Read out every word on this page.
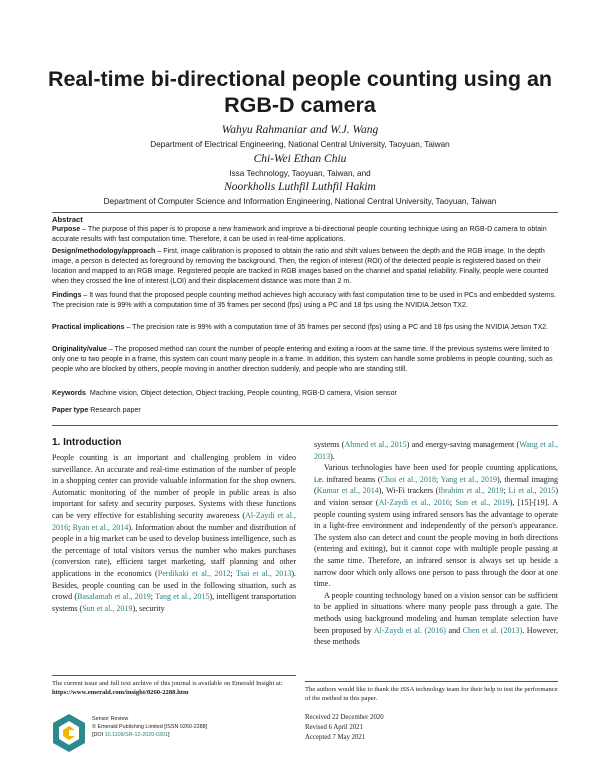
Real-time bi-directional people counting using an RGB-D camera
Wahyu Rahmaniar and W.J. Wang
Department of Electrical Engineering, National Central University, Taoyuan, Taiwan
Chi-Wei Ethan Chiu
Issa Technology, Taoyuan, Taiwan, and
Noorkholis Luthfil Luthfil Hakim
Department of Computer Science and Information Engineering, National Central University, Taoyuan, Taiwan
Abstract
Purpose – The purpose of this paper is to propose a new framework and improve a bi-directional people counting technique using an RGB-D camera to obtain accurate results with fast computation time. Therefore, it can be used in real-time applications.
Design/methodology/approach – First, image calibration is proposed to obtain the ratio and shift values between the depth and the RGB image. In the depth image, a person is detected as foreground by removing the background. Then, the region of interest (ROI) of the detected people is registered based on their location and mapped to an RGB image. Registered people are tracked in RGB images based on the channel and spatial reliability. Finally, people were counted when they crossed the line of interest (LOI) and their displacement distance was more than 2 m.
Findings – It was found that the proposed people counting method achieves high accuracy with fast computation time to be used in PCs and embedded systems. The precision rate is 99% with a computation time of 35 frames per second (fps) using a PC and 18 fps using the NVIDIA Jetson TX2.
Practical implications – The precision rate is 99% with a computation time of 35 frames per second (fps) using a PC and 18 fps using the NVIDIA Jetson TX2.
Originality/value – The proposed method can count the number of people entering and exiting a room at the same time. If the previous systems were limited to only one to two people in a frame, this system can count many people in a frame. In addition, this system can handle some problems in people counting, such as people who are blocked by others, people moving in another direction suddenly, and people who are standing still.
Keywords Machine vision, Object detection, Object tracking, People counting, RGB-D camera, Vision sensor
Paper type Research paper
1. Introduction

People counting is an important and challenging problem in video surveillance. An accurate and real-time estimation of the number of people in a shopping center can provide valuable information for the shop owners. Automatic monitoring of the number of people in public areas is also important for safety and security purposes. Systems with these functions can be very effective for establishing security awareness (Al-Zaydi et al., 2016; Ryan et al., 2014). Information about the number and distribution of people in a big market can be used to develop business intelligence, such as the percentage of total visitors versus the number who makes purchases (conversion rate), efficient target marketing, staff planning and other applications in the economics (Perdikaki et al., 2012; Tsai et al., 2013). Besides, people counting can be used in the following situation, such as crowd (Basalamah et al., 2019; Tang et al., 2015), intelligent transportation systems (Sun et al., 2019), security

The current issue and full text archive of this journal is available on Emerald Insight at: https://www.emerald.com/insight/0260-2288.htm
Sensor Review
© Emerald Publishing Limited [ISSN 0260-2288]
[DOI 10.1108/SR-12-2020-0301]

systems (Ahmed et al., 2015) and energy-saving management (Wang et al., 2013).

Various technologies have been used for people counting applications, i.e. infrared beams (Choi et al., 2018; Yang et al., 2019), thermal imaging (Kumar et al., 2014), Wi-Fi trackers (Ibrahim et al., 2019; Li et al., 2015) and vision sensor (Al-Zaydi et al., 2016; Sun et al., 2019), [15]-[19]. A people counting system using infrared sensors has the advantage to operate in a light-free environment and independently of the person's appearance. The system also can detect and count the people moving in both directions (entering and exiting), but it cannot cope with multiple people passing at the same time. Therefore, an infrared sensor is always set up beside a narrow door which only allows one person to pass through the door at one time.

A people counting technology based on a vision sensor can be sufficient to be applied in situations where many people pass through a gate. The methods using background modeling and human template selection have been proposed by Al-Zaydi et al. (2016) and Chen et al. (2013). However, these methods

The authors would like to thank the iSSA technology team for their help to test the performance of the method in this paper.
Received 22 December 2020
Revised 6 April 2021
Accepted 7 May 2021
